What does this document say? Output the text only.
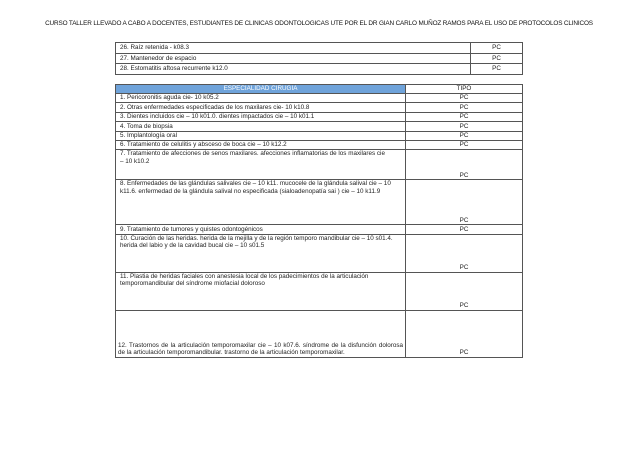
CURSO TALLER LLEVADO A CABO A DOCENTES, ESTUDIANTES DE CLINICAS ODONTOLOGICAS UTE POR EL DR GIAN CARLO MUÑOZ RAMOS PARA EL USO DE PROTOCOLOS CLINICOS
26. Raíz retenida - k08.3	PC
27. Mantenedor de espacio	PC
28. Estomatitis aftosa recurrente k12.0	PC
ESPECIALIDAD CIRUGIA	TIPO
1. Pericoronitis aguda cie- 10 k05.2	PC
2. Otras enfermedades especificadas de los maxilares cie- 10 k10.8	PC
3. Dientes incluidos cie – 10 k01.0. dientes impactados cie – 10 k01.1	PC
4. Toma de biopsia	PC
5. Implantología oral	PC
6. Tratamiento de celulitis y absceso de boca cie – 10 k12.2	PC
7. Tratamiento de afecciones de senos maxilares. afecciones inflamatorias de los maxilares cie – 10 k10.2	PC
8. Enfermedades de las glándulas salivales cie – 10 k11. mucocele de la glándula salival cie – 10 k11.6. enfermedad de la glándula salival no especificada (sialoadenopatía sai ) cie – 10 k11.9	PC
9. Tratamiento de tumores y quistes odontogénicos	PC
10. Curación de las heridas. herida de la mejilla y de la región temporo mandibular cie – 10 s01.4. herida del labio y de la cavidad bucal cie – 10 s01.5	PC
11. Plastia de heridas faciales con anestesia local de los padecimientos de la articulación temporomandibular del síndrome miofacial doloroso	PC
12. Trastornos de la articulación temporomaxilar cie – 10 k07.6. síndrome de la disfunción dolorosa de la articulación temporomandibular. trastorno de la articulación temporomaxilar.	PC
